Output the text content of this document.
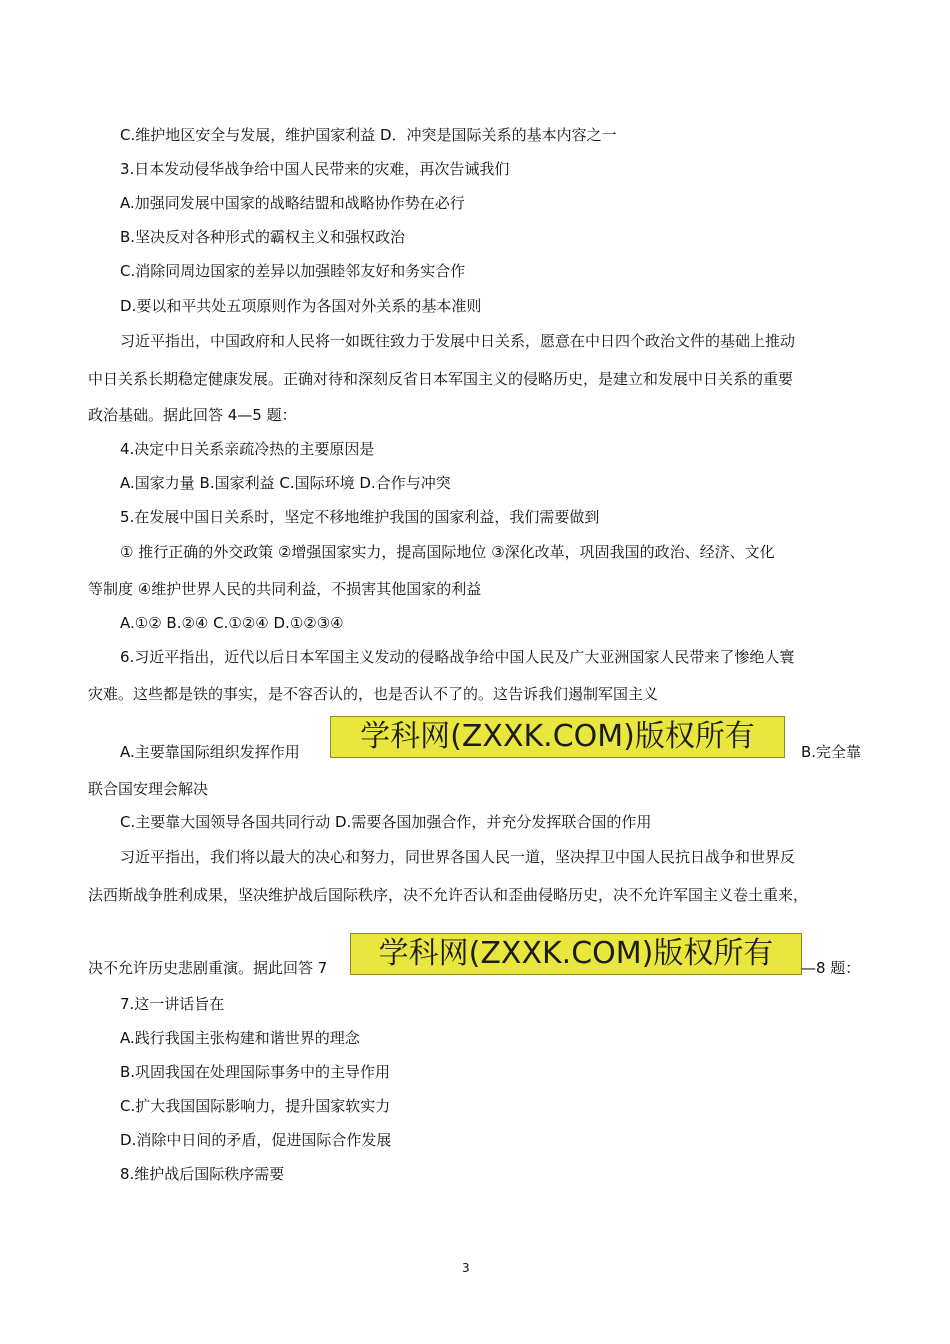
C.维护地区安全与发展，维护国家利益 D．冲突是国际关系的基本内容之一
3.日本发动侵华战争给中国人民带来的灾难，再次告诫我们
A.加强同发展中国家的战略结盟和战略协作势在必行
B.坚决反对各种形式的霸权主义和强权政治
C.消除同周边国家的差异以加强睦邻友好和务实合作
D.要以和平共处五项原则作为各国对外关系的基本准则
习近平指出，中国政府和人民将一如既往致力于发展中日关系，愿意在中日四个政治文件的基础上推动
中日关系长期稳定健康发展。正确对待和深刻反省日本军国主义的侵略历史，是建立和发展中日关系的重要
政治基础。据此回答 4—5 题：
4.决定中日关系亲疏冷热的主要原因是
A.国家力量 B.国家利益 C.国际环境 D.合作与冲突
5.在发展中国日关系时，坚定不移地维护我国的国家利益，我们需要做到
① 推行正确的外交政策 ②增强国家实力，提高国际地位 ③深化改革，巩固我国的政治、经济、文化
等制度 ④维护世界人民的共同利益，不损害其他国家的利益
A.①② B.②④ C.①②④ D.①②③④
6.习近平指出，近代以后日本军国主义发动的侵略战争给中国人民及广大亚洲国家人民带来了惨绝人寰
灾难。这些都是铁的事实，是不容否认的，也是否认不了的。这告诉我们遏制军国主义
A.主要靠国际组织发挥作用	学科网(ZXXK.COM)版权所有	B.完全靠
联合国安理会解决
C.主要靠大国领导各国共同行动 D.需要各国加强合作，并充分发挥联合国的作用
习近平指出，我们将以最大的决心和努力，同世界各国人民一道，坚决捍卫中国人民抗日战争和世界反
法西斯战争胜利成果，坚决维护战后国际秩序，决不允许否认和歪曲侵略历史，决不允许军国主义卷土重来，
决不允许历史悲剧重演。据此回答 7	学科网(ZXXK.COM)版权所有	—8 题：
7.这一讲话旨在
A.践行我国主张构建和谐世界的理念
B.巩固我国在处理国际事务中的主导作用
C.扩大我国国际影响力，提升国家软实力
D.消除中日间的矛盾，促进国际合作发展
8.维护战后国际秩序需要
3
